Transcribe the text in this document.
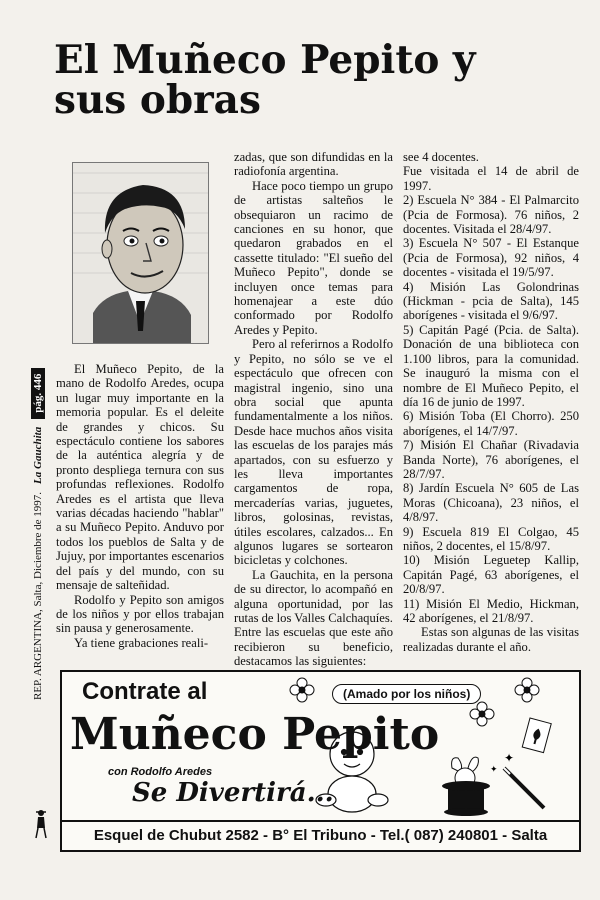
REP. ARGENTINA, Salta, Diciembre de 1997.
La Gauchita
pág. 446
El Muñeco Pepito y sus obras

El Muñeco Pepito, de la mano de Rodolfo Aredes, ocupa un lugar muy importante en la memoria popular. Es el deleite de grandes y chicos. Su espectáculo contiene los sabores de la auténtica alegría y de pronto despliega ternura con sus profundas reflexiones. Rodolfo Aredes es el artista que lleva varias décadas haciendo "hablar" a su Muñeco Pepito. Anduvo por todos los pueblos de Salta y de Jujuy, por importantes escenarios del país y del mundo, con su mensaje de salteñidad.

Rodolfo y Pepito son amigos de los niños y por ellos trabajan sin pausa y generosamente.

Ya tiene grabaciones reali-

zadas, que son difundidas en la radiofonía argentina.

Hace poco tiempo un grupo de artistas salteños le obsequiaron un racimo de canciones en su honor, que quedaron grabados en el cassette titulado: "El sueño del Muñeco Pepito", donde se incluyen once temas para homenajear a este dúo conformado por Rodolfo Aredes y Pepito.

Pero al referirnos a Rodolfo y Pepito, no sólo se ve el espectáculo que ofrecen con magistral ingenio, sino una obra social que apunta fundamentalmente a los niños. Desde hace muchos años visita las escuelas de los parajes más apartados, con su esfuerzo y les lleva importantes cargamentos de ropa, mercaderías varias, juguetes, libros, golosinas, revistas, útiles escolares, calzados... En algunos lugares se sortearon bicicletas y colchones.

La Gauchita, en la persona de su director, lo acompañó en alguna oportunidad, por las rutas de los Valles Calchaquíes.

Entre las escuelas que este año recibieron su beneficio, destacamos las siguientes:

see 4 docentes.

Fue visitada el 14 de abril de 1997.

2) Escuela N° 384 - El Palmarcito (Pcia de Formosa). 76 niños, 2 docentes. Visitada el 28/4/97.

3) Escuela N° 507 - El Estanque (Pcia de Formosa), 92 niños, 4 docentes - visitada el 19/5/97.

4) Misión Las Golondrinas (Hickman - pcia de Salta), 145 aborígenes - visitada el 9/6/97.

5) Capitán Pagé (Pcia. de Salta). Donación de una biblioteca con 1.100 libros, para la comunidad. Se inauguró la misma con el nombre de El Muñeco Pepito, el día 16 de junio de 1997.

6) Misión Toba (El Chorro). 250 aborígenes, el 14/7/97.

7) Misión El Chañar (Rivadavia Banda Norte), 76 aborígenes, el 28/7/97.

8) Jardín Escuela N° 605 de Las Moras (Chicoana), 23 niños, el 4/8/97.

9) Escuela 819 El Colgao, 45 niños, 2 docentes, el 15/8/97.

10) Misión Leguetep Kallip, Capitán Pagé, 63 aborígenes, el 20/8/97.

11) Misión El Medio, Hickman, 42 aborígenes, el 21/8/97.

Estas son algunas de las visitas realizadas durante el año.

✦
✦
(Amado por los niños)
Contrate al
Muñeco Pepito
con Rodolfo Aredes
Se Divertirá...
Esquel de Chubut 2582 - B° El Tribuno - Tel.( 087) 240801 - Salta
